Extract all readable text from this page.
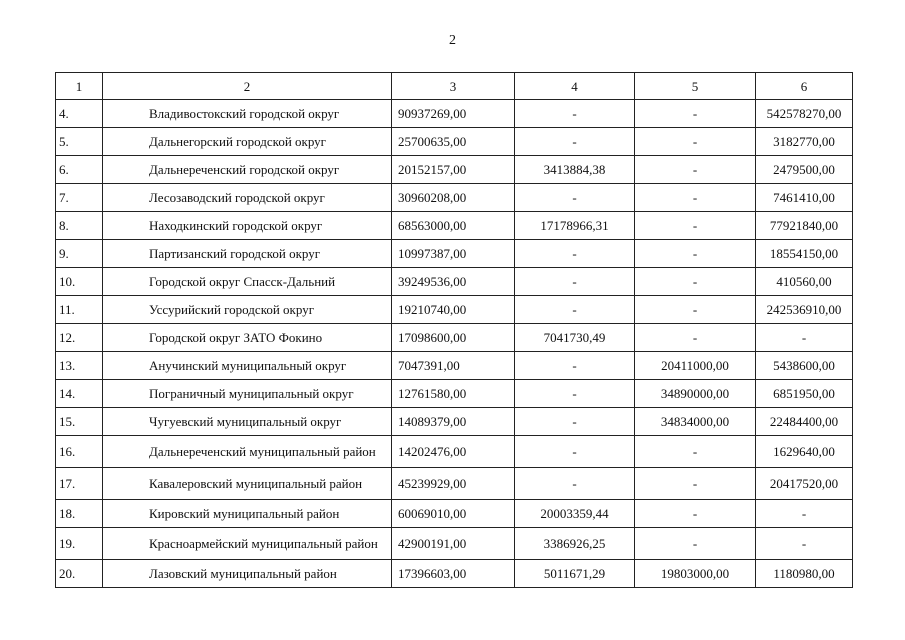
2
1	2	3	4	5	6
4.	Владивостокский городской округ	90937269,00	-	-	542578270,00
5.	Дальнегорский городской округ	25700635,00	-	-	3182770,00
6.	Дальнереченский городской округ	20152157,00	3413884,38	-	2479500,00
7.	Лесозаводский городской округ	30960208,00	-	-	7461410,00
8.	Находкинский городской округ	68563000,00	17178966,31	-	77921840,00
9.	Партизанский городской округ	10997387,00	-	-	18554150,00
10.	Городской округ Спасск-Дальний	39249536,00	-	-	410560,00
11.	Уссурийский городской округ	19210740,00	-	-	242536910,00
12.	Городской округ ЗАТО Фокино	17098600,00	7041730,49	-	-
13.	Анучинский муниципальный округ	7047391,00	-	20411000,00	5438600,00
14.	Пограничный муниципальный округ	12761580,00	-	34890000,00	6851950,00
15.	Чугуевский муниципальный округ	14089379,00	-	34834000,00	22484400,00
16.	Дальнереченский муниципальный район	14202476,00	-	-	1629640,00
17.	Кавалеровский муниципальный район	45239929,00	-	-	20417520,00
18.	Кировский муниципальный район	60069010,00	20003359,44	-	-
19.	Красноармейский муниципальный район	42900191,00	3386926,25	-	-
20.	Лазовский муниципальный район	17396603,00	5011671,29	19803000,00	1180980,00
